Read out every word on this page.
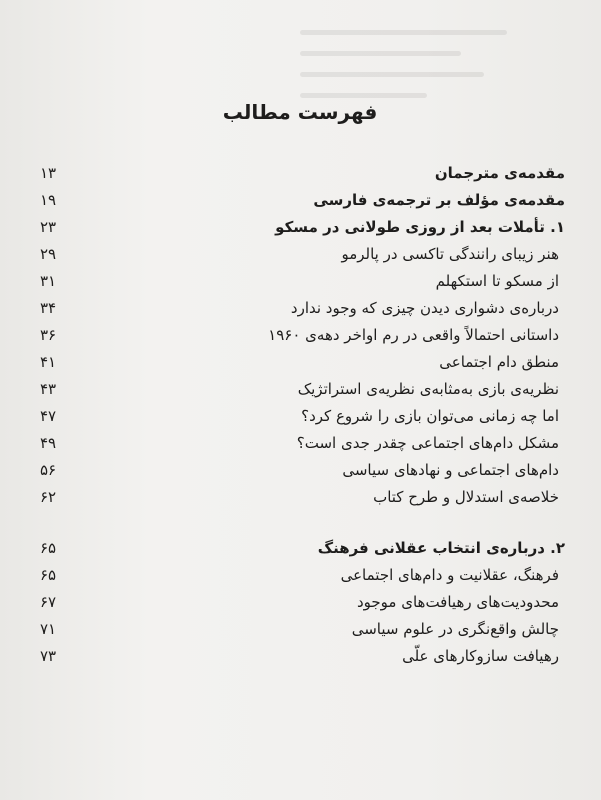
فهرست مطالب
مقدمه‌ی مترجمان
۱۳
مقدمه‌ی مؤلف بر ترجمه‌ی فارسی
۱۹
۱. تأملات بعد از روزی طولانی در مسکو
۲۳
هنر زیبای رانندگی تاکسی در پالرمو
۲۹
از مسکو تا استکهلم
۳۱
درباره‌ی دشواری دیدن چیزی که وجود ندارد
۳۴
داستانی احتمالاً واقعی در رم اواخر دهه‌ی ۱۹۶۰
۳۶
منطق دام اجتماعی
۴۱
نظریه‌ی بازی به‌مثابه‌ی نظریه‌ی استراتژیک
۴۳
اما چه زمانی می‌توان بازی را شروع کرد؟
۴۷
مشکل دام‌های اجتماعی چقدر جدی است؟
۴۹
دام‌های اجتماعی و نهادهای سیاسی
۵۶
خلاصه‌ی استدلال و طرح کتاب
۶۲
۲. درباره‌ی انتخاب عقلانی فرهنگ
۶۵
فرهنگ، عقلانیت و دام‌های اجتماعی
۶۵
محدودیت‌های رهیافت‌های موجود
۶۷
چالش واقع‌نگری در علوم سیاسی
۷۱
رهیافت سازوکارهای علّی
۷۳
